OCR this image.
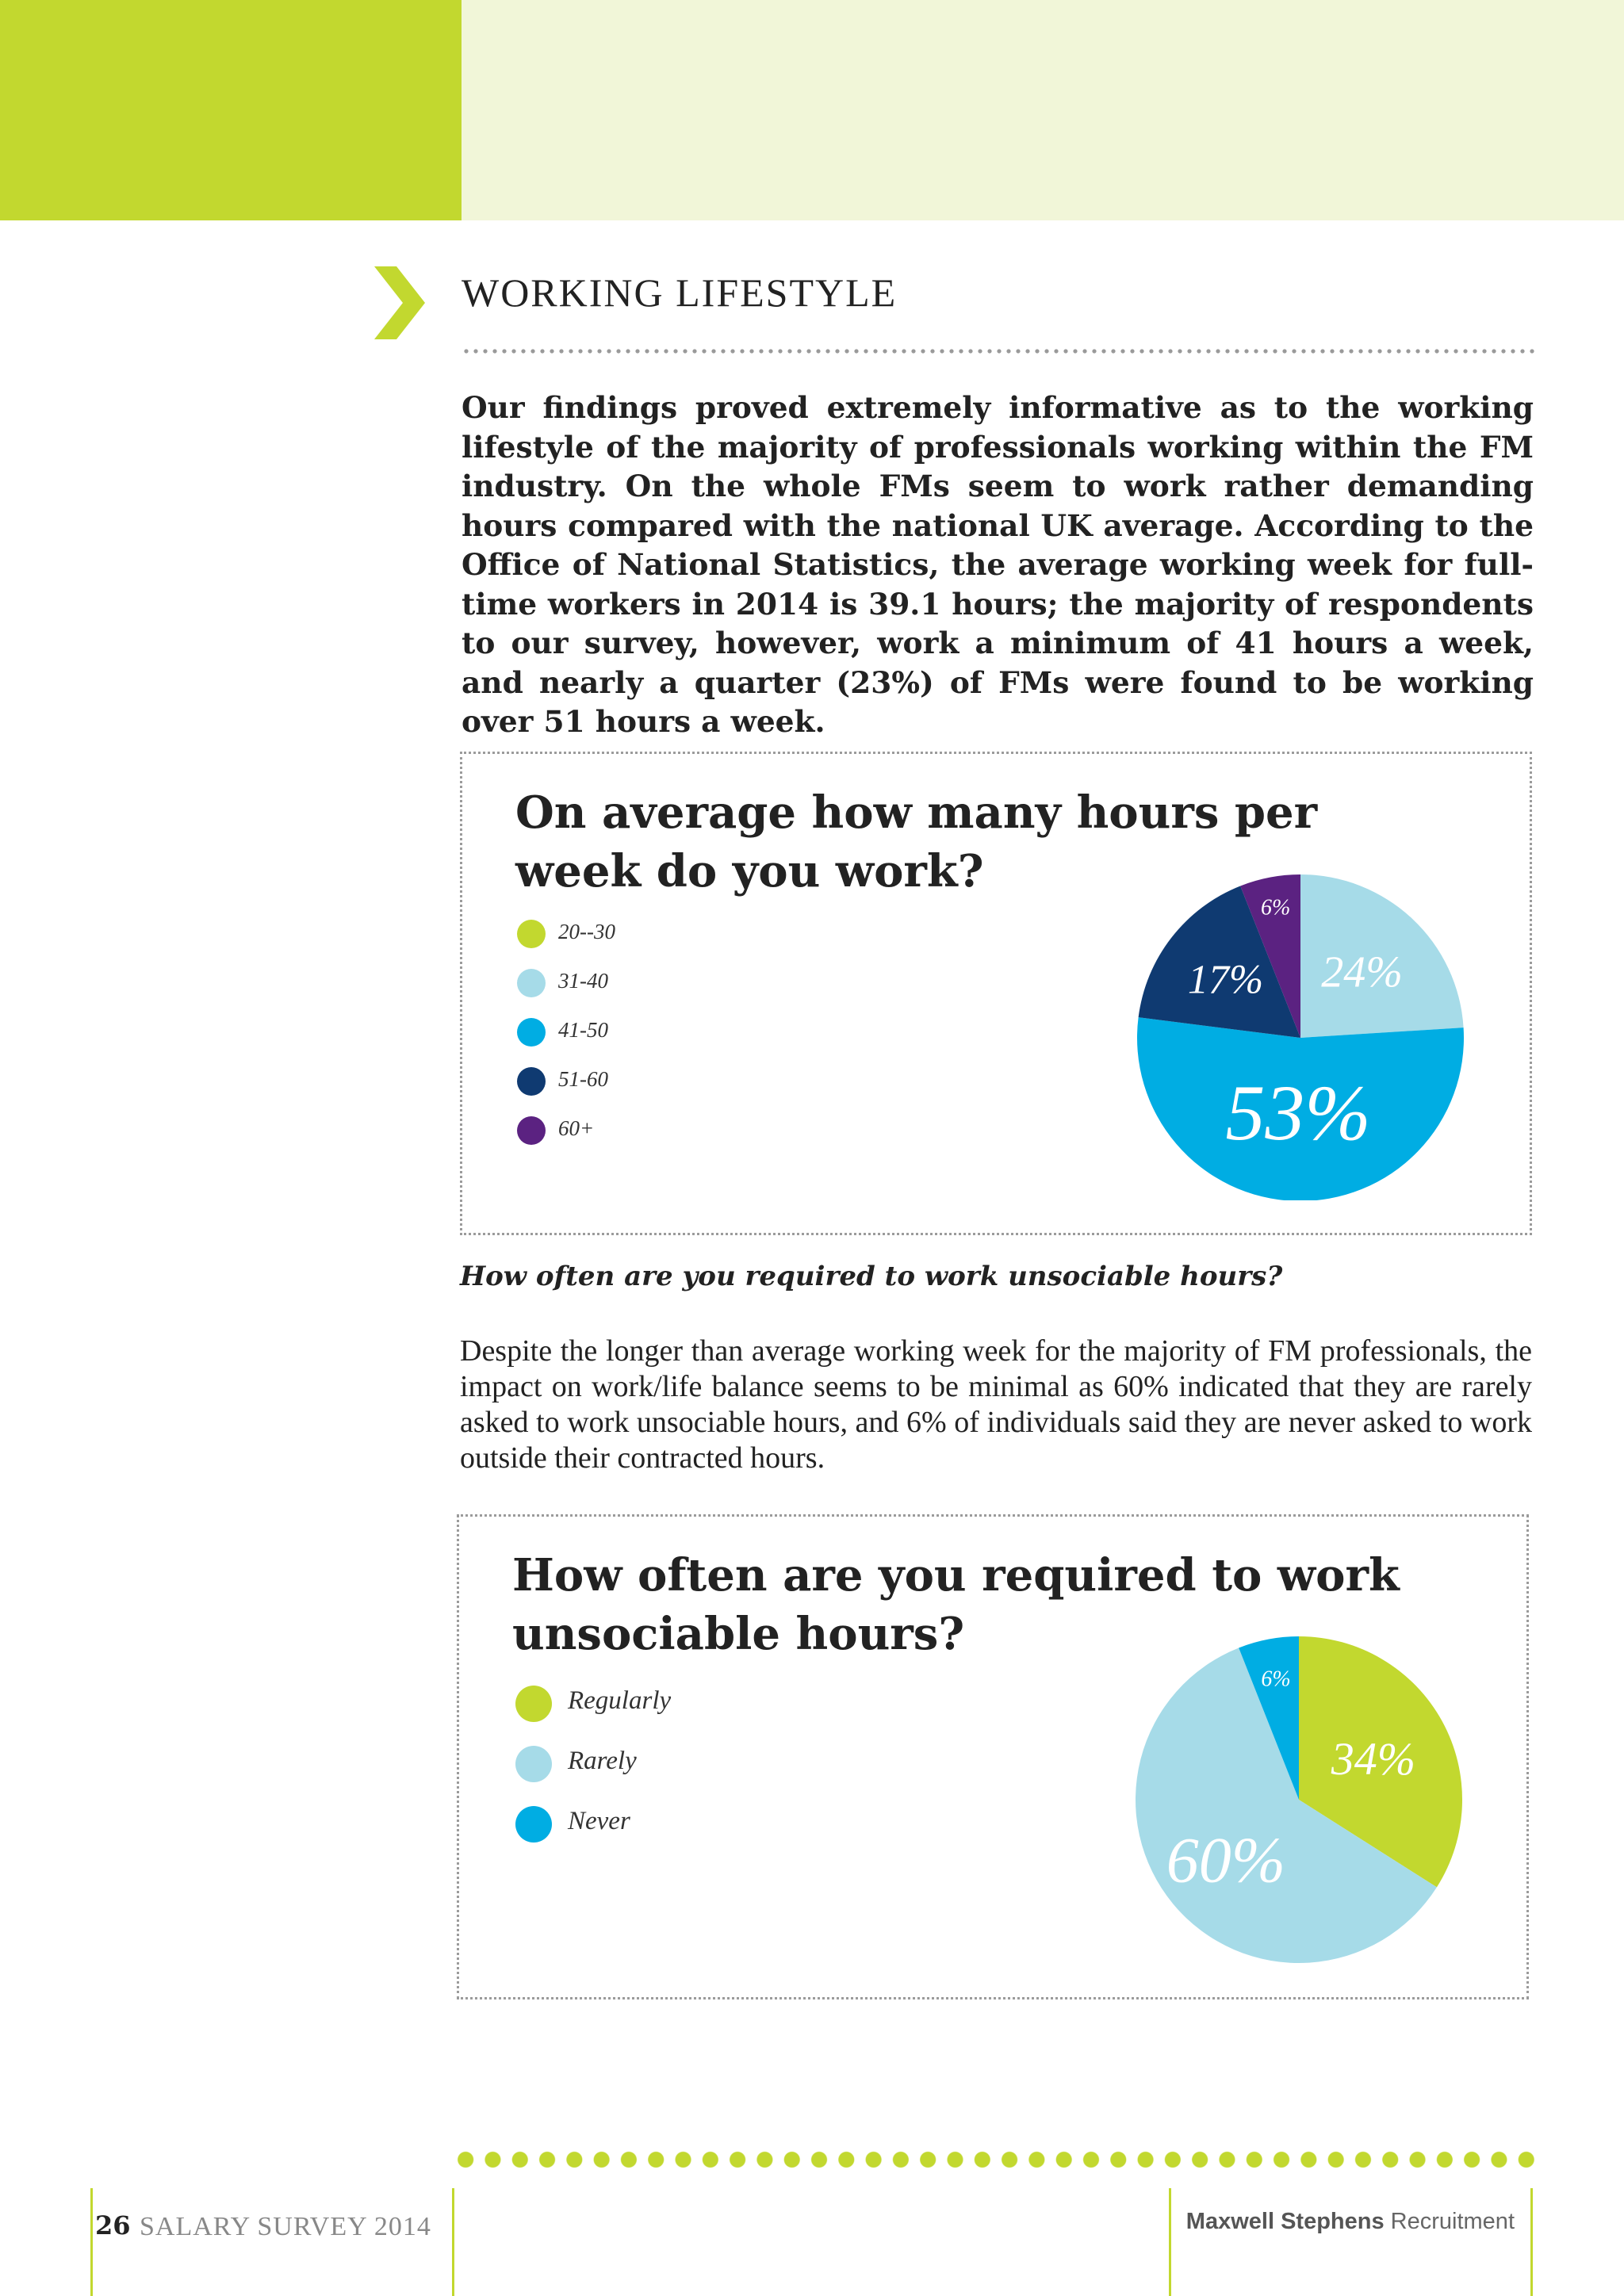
WORKING LIFESTYLE
Our findings proved extremely informative as to the working lifestyle of the majority of professionals working within the FM industry. On the whole FMs seem to work rather demanding hours compared with the national UK average. According to the Office of National Statistics, the average working week for full-time workers in 2014 is 39.1 hours; the majority of respondents to our survey, however, work a minimum of 41 hours a week, and nearly a quarter (23%) of FMs were found to be working over 51 hours a week.
On average how many hours per week do you work?
20--30
31-40
41-50
51-60
60+
24%
53%
17%
6%
How often are you required to work unsociable hours?
Despite the longer than average working week for the majority of FM professionals, the impact on work/life balance seems to be minimal as 60% indicated that they are rarely asked to work unsociable hours, and 6% of individuals said they are never asked to work outside their contracted hours.
How often are you required to work unsociable hours?
Regularly
Rarely
Never
34%
60%
6%
26 SALARY SURVEY 2014	Maxwell Stephens Recruitment
